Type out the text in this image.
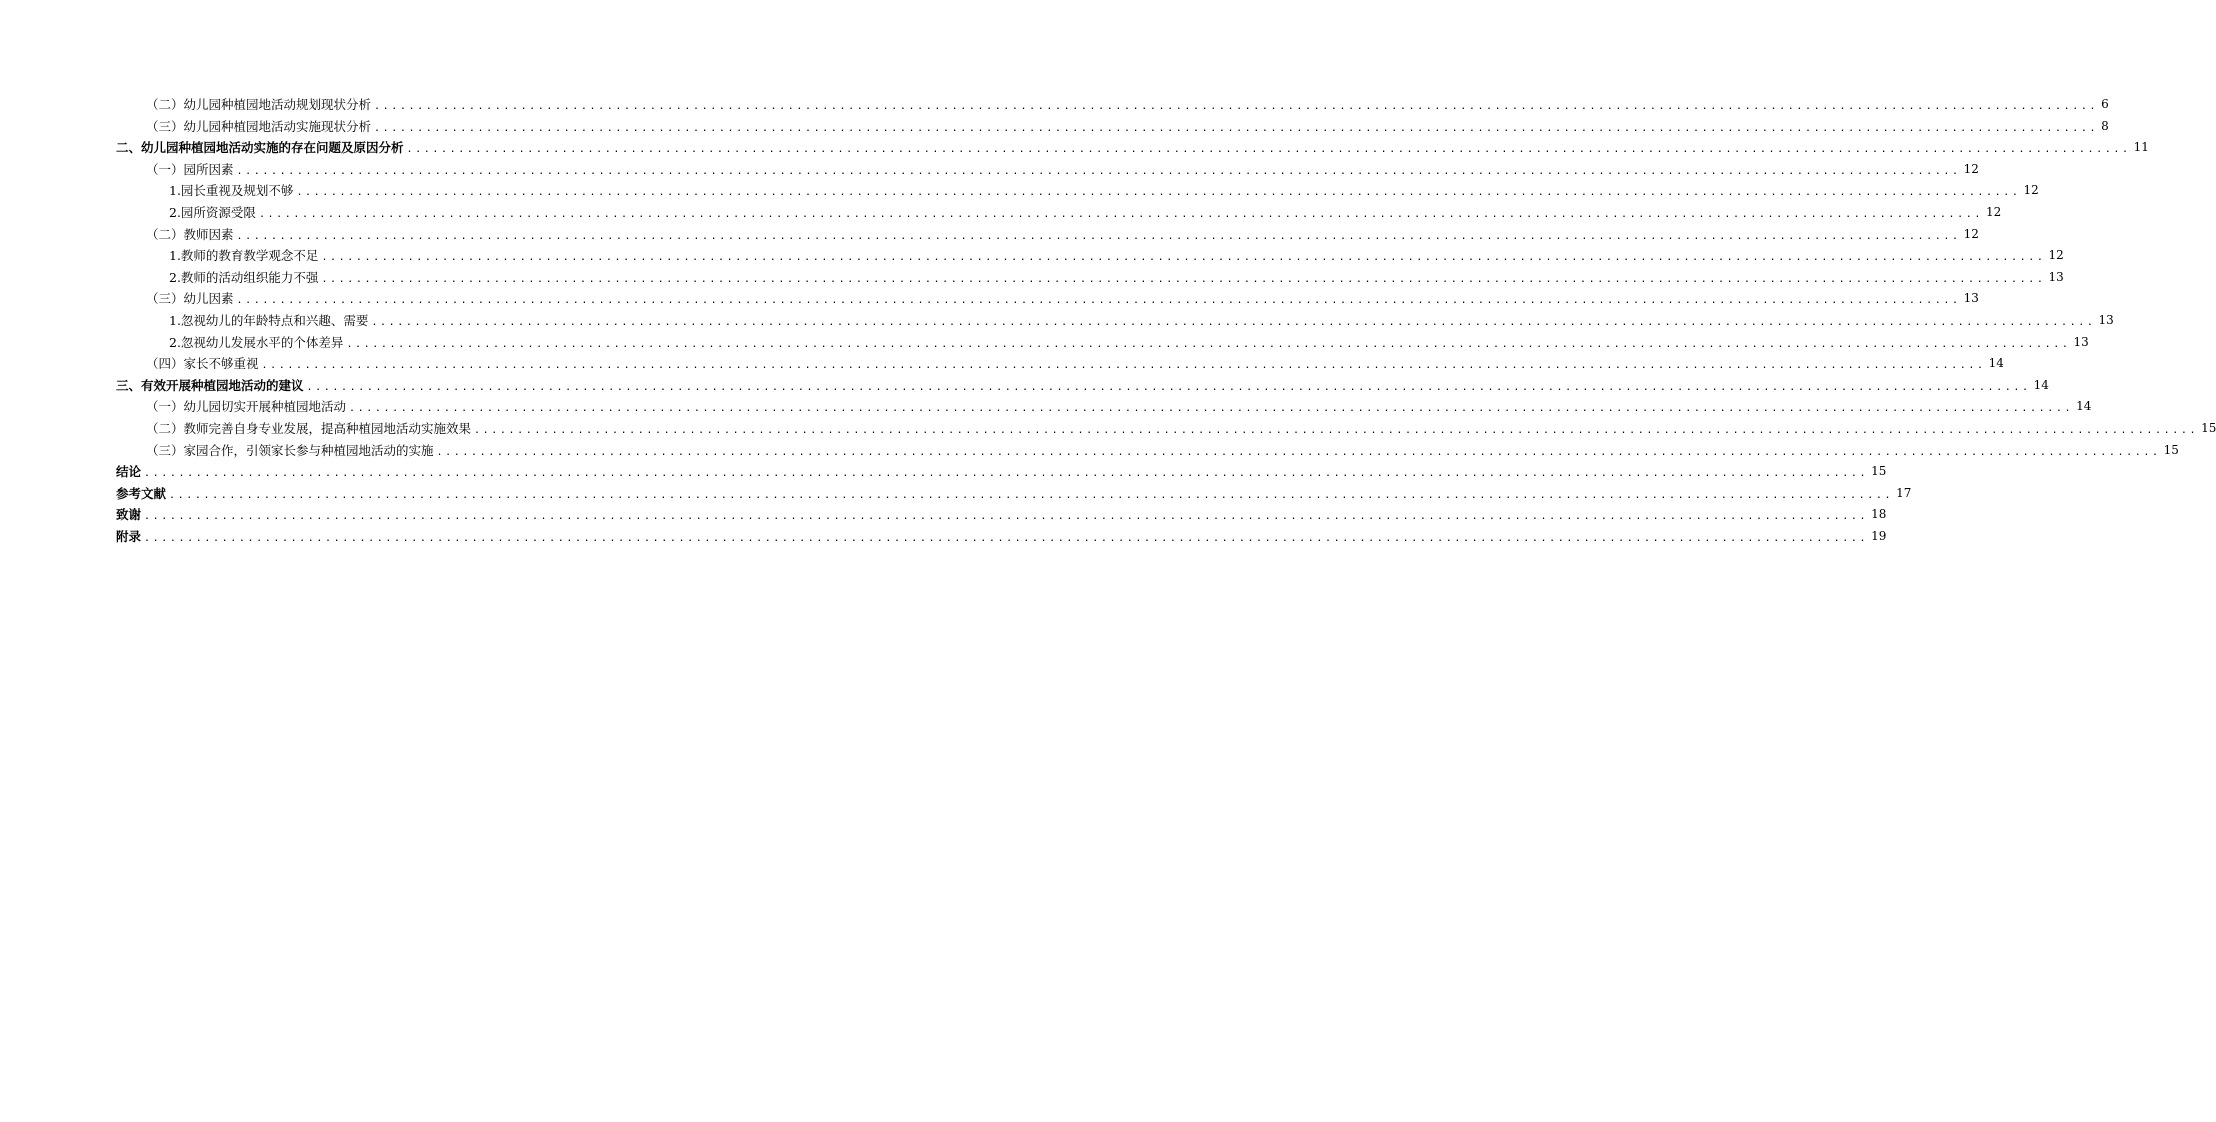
（二）幼儿园种植园地活动规划现状分析 ........................................................................................................................................................................................................ 6
（三）幼儿园种植园地活动实施现状分析 ........................................................................................................................................................................................................ 8
二、幼儿园种植园地活动实施的存在问题及原因分析 ........................................................................................................................................................................................................ 11
（一）园所因素 ........................................................................................................................................................................................................ 12
1.园长重视及规划不够 ........................................................................................................................................................................................................ 12
2.园所资源受限 ........................................................................................................................................................................................................ 12
（二）教师因素 ........................................................................................................................................................................................................ 12
1.教师的教育教学观念不足 ........................................................................................................................................................................................................ 12
2.教师的活动组织能力不强 ........................................................................................................................................................................................................ 13
（三）幼儿因素 ........................................................................................................................................................................................................ 13
1.忽视幼儿的年龄特点和兴趣、需要 ........................................................................................................................................................................................................ 13
2.忽视幼儿发展水平的个体差异 ........................................................................................................................................................................................................ 13
（四）家长不够重视 ........................................................................................................................................................................................................ 14
三、有效开展种植园地活动的建议 ........................................................................................................................................................................................................ 14
（一）幼儿园切实开展种植园地活动 ........................................................................................................................................................................................................ 14
（二）教师完善自身专业发展，提高种植园地活动实施效果 ........................................................................................................................................................................................................ 15
（三）家园合作，引领家长参与种植园地活动的实施 ........................................................................................................................................................................................................ 15
结论 ........................................................................................................................................................................................................ 15
参考文献 ........................................................................................................................................................................................................ 17
致谢 ........................................................................................................................................................................................................ 18
附录 ........................................................................................................................................................................................................ 19
